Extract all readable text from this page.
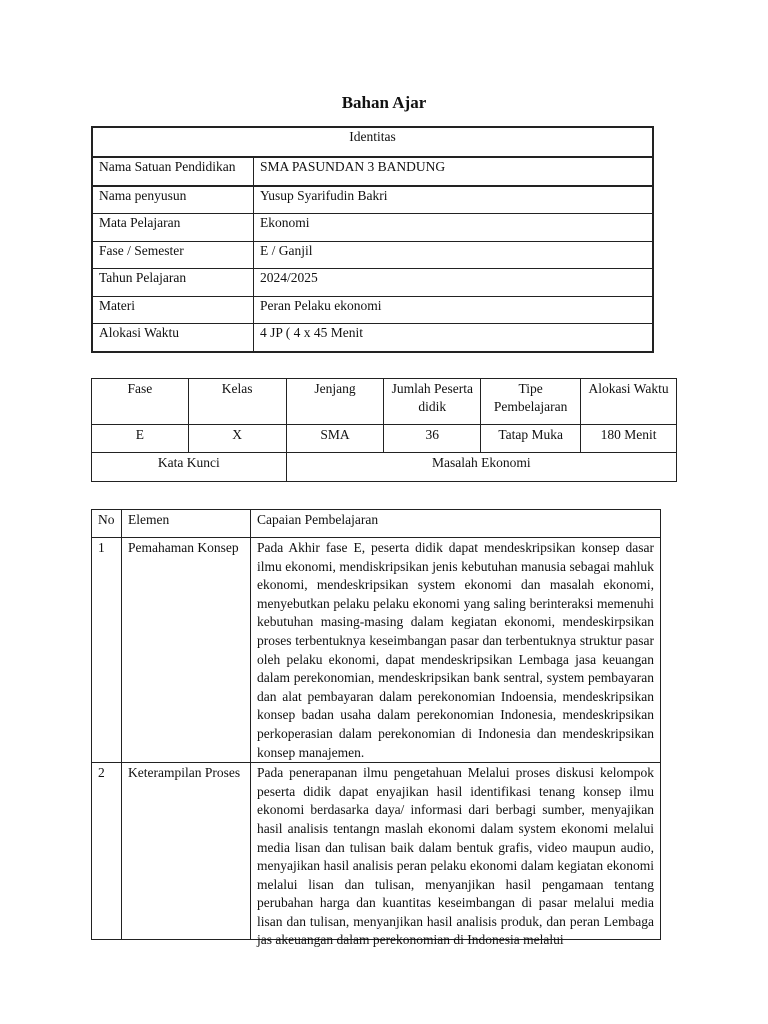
Bahan Ajar
Identitas	
Nama Satuan Pendidikan	SMA PASUNDAN 3 BANDUNG
Nama penyusun	Yusup Syarifudin Bakri
Mata Pelajaran	Ekonomi
Fase / Semester	E / Ganjil
Tahun Pelajaran	2024/2025
Materi	Peran Pelaku ekonomi
Alokasi Waktu	4 JP ( 4 x 45 Menit
Fase	Kelas	Jenjang	Jumlah Peserta didik	Tipe Pembelajaran	Alokasi Waktu
E	X	SMA	36	Tatap Muka	180 Menit
Kata Kunci		Masalah Ekonomi			
No	Elemen	Capaian Pembelajaran
1	Pemahaman Konsep	Pada Akhir fase E, peserta didik dapat mendeskripsikan konsep dasar ilmu ekonomi, mendiskripsikan jenis kebutuhan manusia sebagai mahluk ekonomi, mendeskripsikan system ekonomi dan masalah ekonomi, menyebutkan pelaku pelaku ekonomi yang saling berinteraksi memenuhi kebutuhan masing-masing dalam kegiatan ekonomi, mendeskirpsikan proses terbentuknya keseimbangan pasar dan terbentuknya struktur pasar oleh pelaku ekonomi, dapat mendeskripsikan Lembaga jasa keuangan dalam perekonomian, mendeskripsikan bank sentral, system pembayaran dan alat pembayaran dalam perekonomian Indoensia, mendeskripsikan konsep badan usaha dalam perekonomian Indonesia, mendeskripsikan perkoperasian dalam perekonomian di Indonesia dan mendeskripsikan konsep manajemen.
2	Keterampilan Proses	Pada penerapanan ilmu pengetahuan Melalui proses diskusi kelompok peserta didik dapat enyajikan hasil identifikasi tenang konsep ilmu ekonomi berdasarka daya/ informasi dari berbagi sumber, menyajikan hasil analisis tentangn maslah ekonomi dalam system ekonomi melalui media lisan dan tulisan baik dalam bentuk grafis, video maupun audio, menyajikan hasil analisis peran pelaku ekonomi dalam kegiatan ekonomi melalui lisan dan tulisan, menyanjikan hasil pengamaan tentang perubahan harga dan kuantitas keseimbangan di pasar melalui media lisan dan tulisan, menyanjikan hasil analisis produk, dan peran Lembaga jas akeuangan dalam perekonomian di Indonesia melalui
